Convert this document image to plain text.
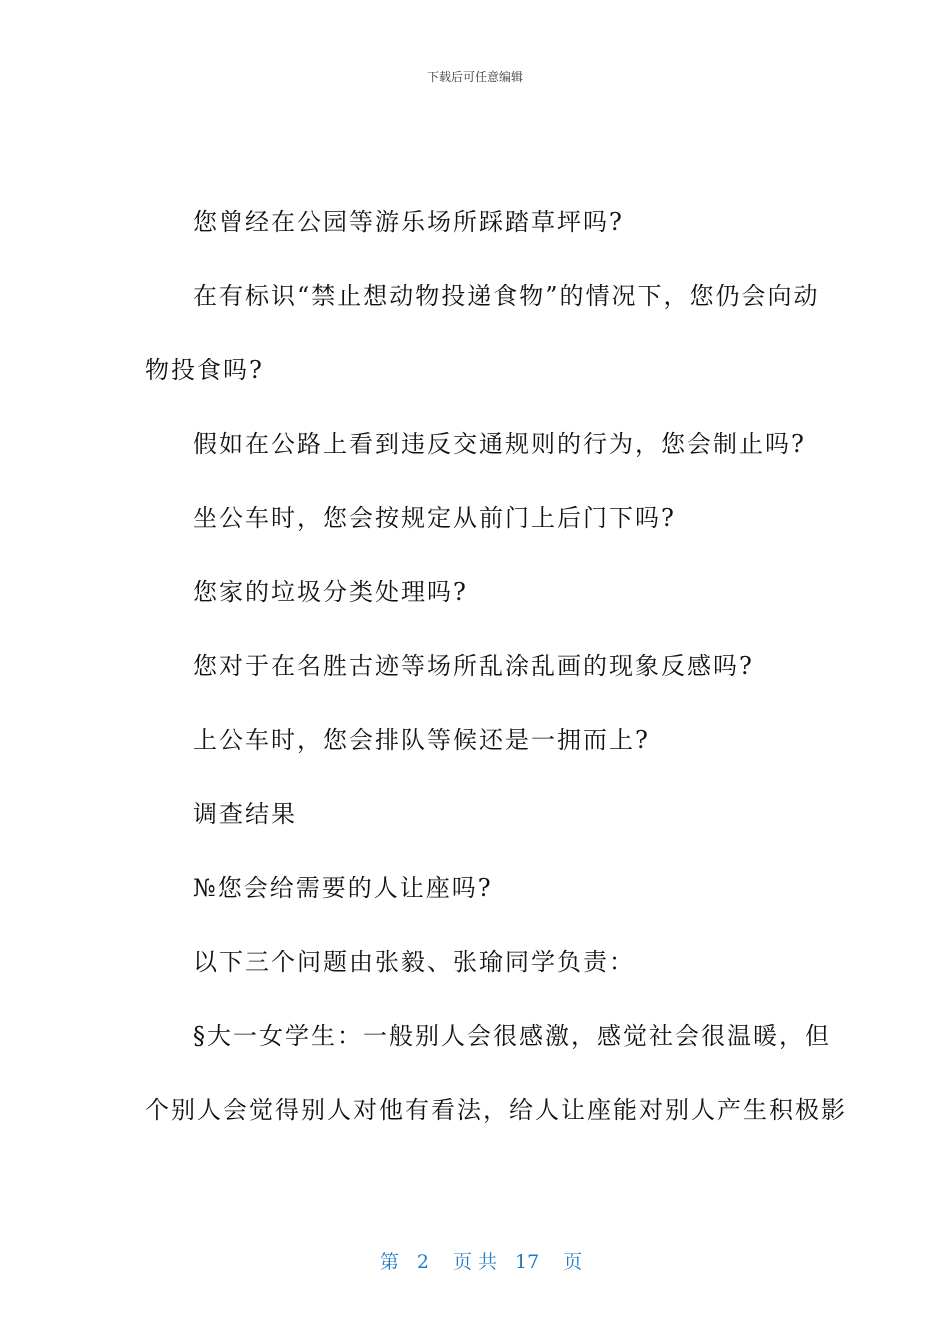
下载后可任意编辑
您曾经在公园等游乐场所踩踏草坪吗?
在有标识“禁止想动物投递食物”的情况下，您仍会向动
物投食吗?
假如在公路上看到违反交通规则的行为，您会制止吗?
坐公车时，您会按规定从前门上后门下吗?
您家的垃圾分类处理吗?
您对于在名胜古迹等场所乱涂乱画的现象反感吗?
上公车时，您会排队等候还是一拥而上?
调查结果
№您会给需要的人让座吗?
以下三个问题由张毅、张瑜同学负责：
§大一女学生：一般别人会很感激，感觉社会很温暖，但
个别人会觉得别人对他有看法，给人让座能对别人产生积极影

第 2 页 共 17 页
